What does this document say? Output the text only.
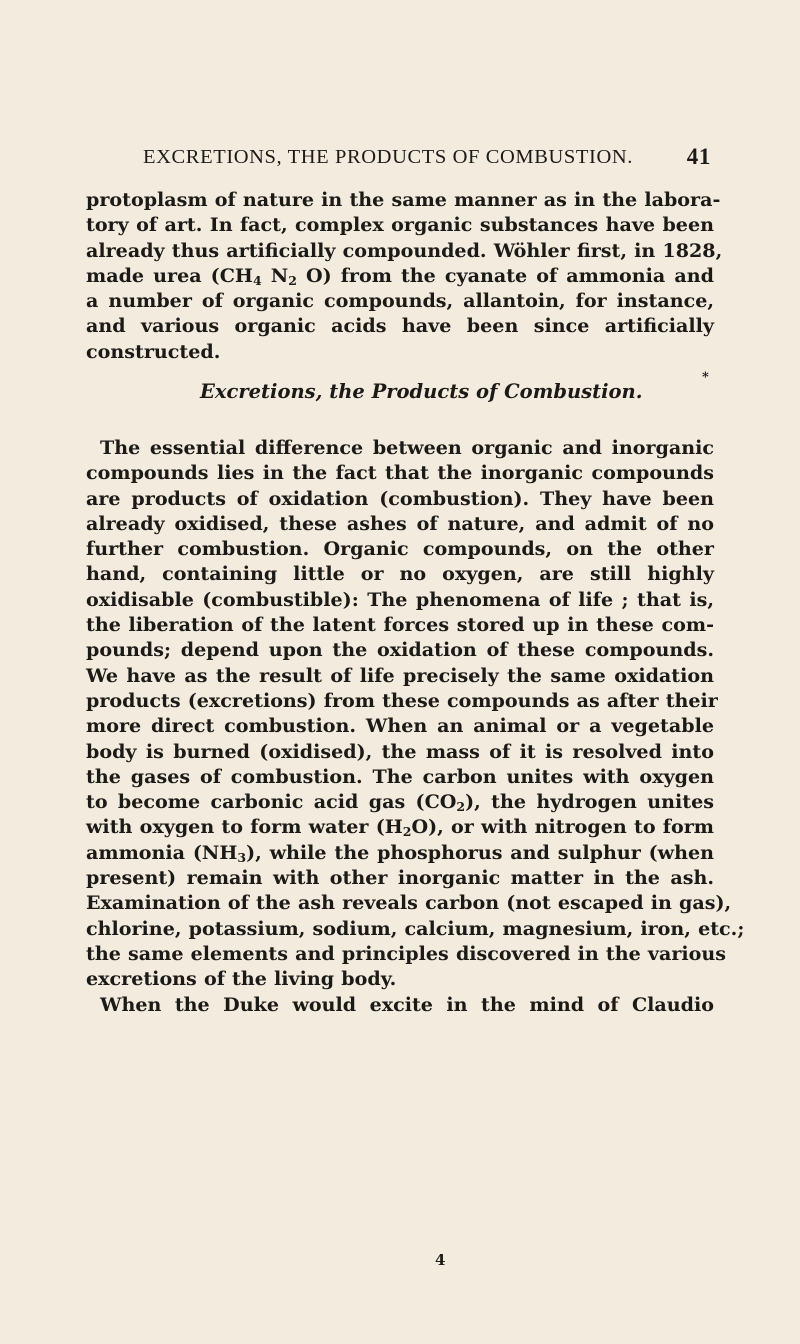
EXCRETIONS, THE PRODUCTS OF COMBUSTION. 41
protoplasm of nature in the same manner as in the labora-
tory of art. In fact, complex organic substances have been
already thus artificially compounded. Wöhler first, in 1828,
made urea ($CH_4$ $N_2$ O) from the cyanate of ammonia and
a number of organic compounds, allantoin, for instance,
and various organic acids have been since artificially
constructed.
Excretions, the Products of Combustion.
*
The essential difference between organic and inorganic
compounds lies in the fact that the inorganic compounds
are products of oxidation (combustion). They have been
already oxidised, these ashes of nature, and admit of no
further combustion. Organic compounds, on the other
hand, containing little or no oxygen, are still highly
oxidisable (combustible): The phenomena of life ; that is,
the liberation of the latent forces stored up in these com-
pounds; depend upon the oxidation of these compounds.
We have as the result of life precisely the same oxidation
products (excretions) from these compounds as after their
more direct combustion. When an animal or a vegetable
body is burned (oxidised), the mass of it is resolved into
the gases of combustion. The carbon unites with oxygen
to become carbonic acid gas $(CO_2)$, the hydrogen unites
with oxygen to form water $(H_2O)$, or with nitrogen to form
ammonia $(NH_3)$, while the phosphorus and sulphur (when
present) remain with other inorganic matter in the ash.
Examination of the ash reveals carbon (not escaped in gas),
chlorine, potassium, sodium, calcium, magnesium, iron, etc.;
the same elements and principles discovered in the various
excretions of the living body.
When the Duke would excite in the mind of Claudio
4
